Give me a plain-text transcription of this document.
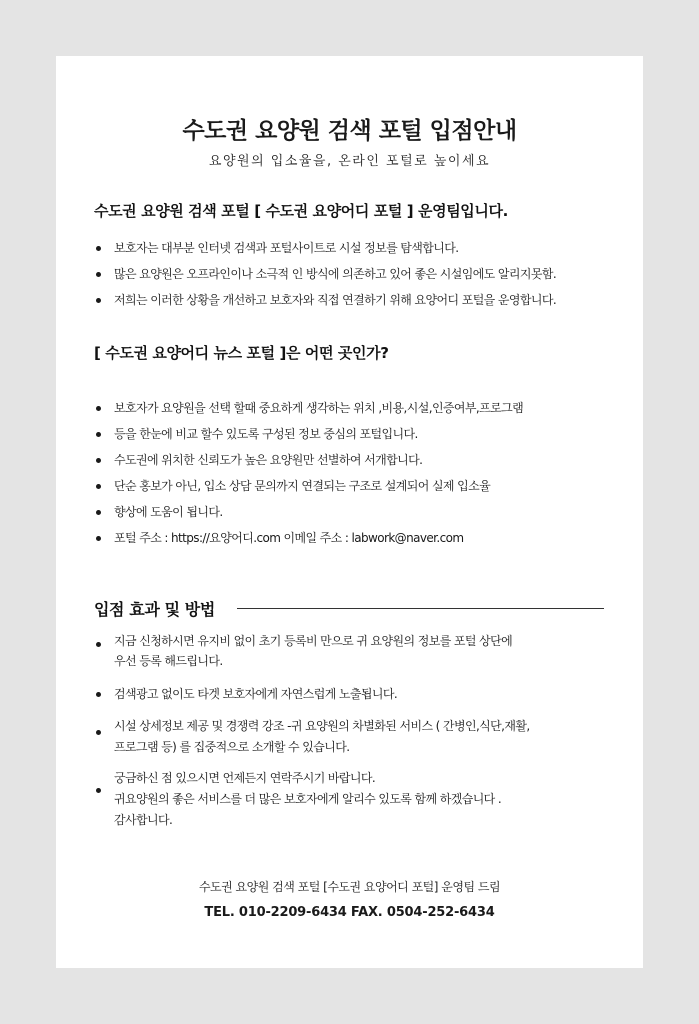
수도권 요양원 검색 포털 입점안내
요양원의 입소율을, 온라인 포털로 높이세요
수도권 요양원 검색 포털 [ 수도권 요양어디 포털 ] 운영팀입니다.
보호자는 대부분 인터넷 검색과 포털사이트로 시설 정보를 탐색합니다.
많은 요양원은 오프라인이나 소극적 인 방식에 의존하고 있어 좋은 시설임에도 알리지못함.
저희는 이러한 상황을 개선하고 보호자와 직접 연결하기 위해 요양어디 포털을 운영합니다.
[ 수도권 요양어디 뉴스 포털 ]은 어떤 곳인가?
보호자가 요양원을 선택 할때 중요하게 생각하는 위치 ,비용,시설,인증여부,프로그램
등을 한눈에 비교 할수 있도록 구성된 정보 중심의 포털입니다.
수도권에 위치한 신뢰도가 높은 요양원만 선별하여 서개합니다.
단순 홍보가 아닌, 입소 상담 문의까지 연결되는 구조로 설계되어 실제 입소율
향상에 도움이 됩니다.
포털 주소 : https://요양어디.com 이메일 주소 : labwork@naver.com
입점 효과 및 방법
지금 신청하시면 유지비 없이 초기 등록비 만으로 귀 요양원의 정보를 포털 상단에
우선 등록 해드립니다.
검색광고 없이도 타겟 보호자에게 자연스럽게 노출됩니다.
시설 상세정보 제공 및 경쟁력 강조 -귀 요양원의 차별화된 서비스 ( 간병인,식단,재활,
프로그램 등) 를 집중적으로 소개할 수 있습니다.
궁금하신 점 있으시면 언제든지 연락주시기 바랍니다.
귀요양원의 좋은 서비스를 더 많은 보호자에게 알리수 있도록 함께 하겠습니다 .
감사합니다.
수도권 요양원 검색 포털 [수도권 요양어디 포털] 운영팀 드림
TEL. 010-2209-6434 FAX. 0504-252-6434
